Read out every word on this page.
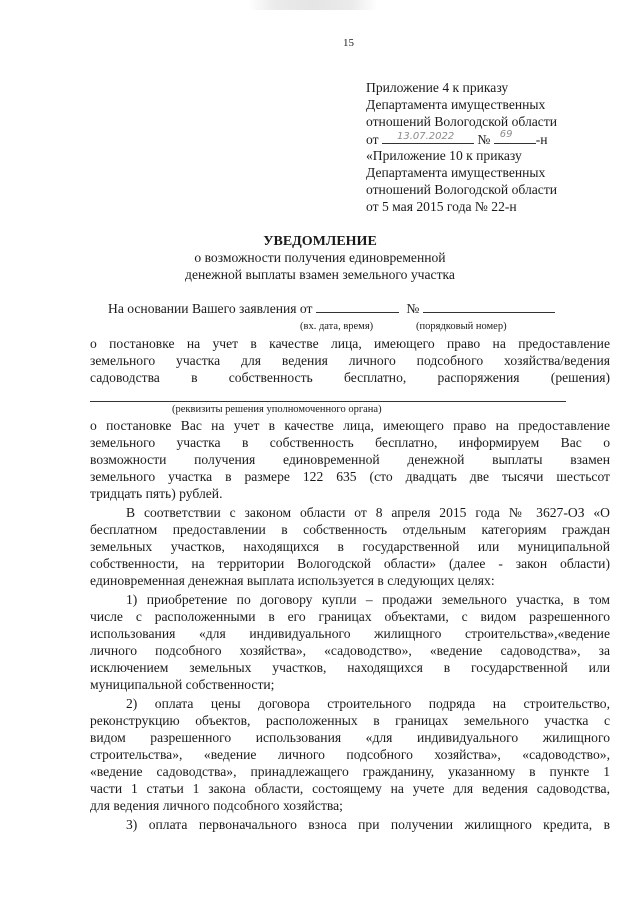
15
Приложение 4 к приказу
Департамента имущественных
отношений Вологодской области
от 13.07.2022 № 69 -н
«Приложение 10 к приказу
Департамента имущественных
отношений Вологодской области
от 5 мая 2015 года № 22-н
УВЕДОМЛЕНИЕ
о возможности получения единовременной
денежной выплаты взамен земельного участка
На основании Вашего заявления от	№
(вх. дата, время)	(порядковый номер)
о постановке на учет в качестве лица, имеющего право на предоставление
земельного участка для ведения личного подсобного хозяйства/ведения
садоводства в собственность бесплатно, распоряжения (решения)
(реквизиты решения уполномоченного органа)
о постановке Вас на учет в качестве лица, имеющего право на предоставление
земельного участка в собственность бесплатно, информируем Вас о
возможности получения единовременной денежной выплаты взамен
земельного участка в размере 122 635 (сто двадцать две тысячи шестьсот
тридцать пять) рублей.
В соответствии с законом области от 8 апреля 2015 года № 3627-ОЗ «О
бесплатном предоставлении в собственность отдельным категориям граждан
земельных участков, находящихся в государственной или муниципальной
собственности, на территории Вологодской области» (далее - закон области)
единовременная денежная выплата используется в следующих целях:
1) приобретение по договору купли – продажи земельного участка, в том
числе с расположенными в его границах объектами, с видом разрешенного
использования «для индивидуального жилищного строительства»,«ведение
личного подсобного хозяйства», «садоводство», «ведение садоводства», за
исключением земельных участков, находящихся в государственной или
муниципальной собственности;
2) оплата цены договора строительного подряда на строительство,
реконструкцию объектов, расположенных в границах земельного участка с
видом разрешенного использования «для индивидуального жилищного
строительства», «ведение личного подсобного хозяйства», «садоводство»,
«ведение садоводства», принадлежащего гражданину, указанному в пункте 1
части 1 статьи 1 закона области, состоящему на учете для ведения садоводства,
для ведения личного подсобного хозяйства;
3) оплата первоначального взноса при получении жилищного кредита, в
